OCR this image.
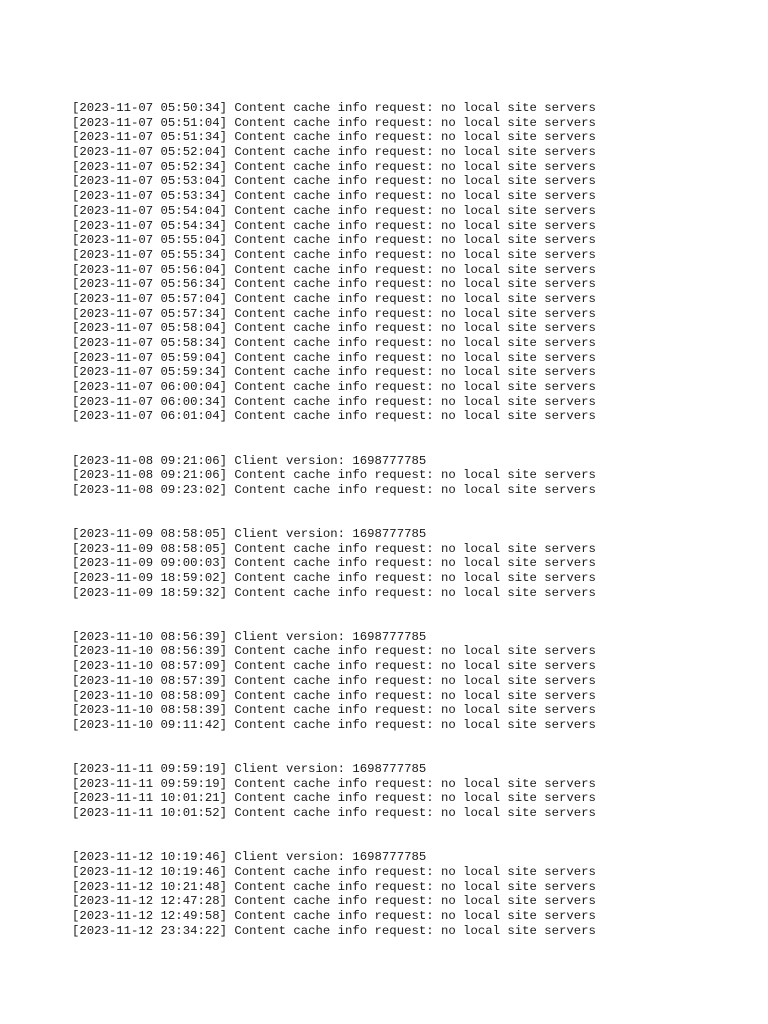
[2023-11-07 05:50:34] Content cache info request: no local site servers
[2023-11-07 05:51:04] Content cache info request: no local site servers
[2023-11-07 05:51:34] Content cache info request: no local site servers
[2023-11-07 05:52:04] Content cache info request: no local site servers
[2023-11-07 05:52:34] Content cache info request: no local site servers
[2023-11-07 05:53:04] Content cache info request: no local site servers
[2023-11-07 05:53:34] Content cache info request: no local site servers
[2023-11-07 05:54:04] Content cache info request: no local site servers
[2023-11-07 05:54:34] Content cache info request: no local site servers
[2023-11-07 05:55:04] Content cache info request: no local site servers
[2023-11-07 05:55:34] Content cache info request: no local site servers
[2023-11-07 05:56:04] Content cache info request: no local site servers
[2023-11-07 05:56:34] Content cache info request: no local site servers
[2023-11-07 05:57:04] Content cache info request: no local site servers
[2023-11-07 05:57:34] Content cache info request: no local site servers
[2023-11-07 05:58:04] Content cache info request: no local site servers
[2023-11-07 05:58:34] Content cache info request: no local site servers
[2023-11-07 05:59:04] Content cache info request: no local site servers
[2023-11-07 05:59:34] Content cache info request: no local site servers
[2023-11-07 06:00:04] Content cache info request: no local site servers
[2023-11-07 06:00:34] Content cache info request: no local site servers
[2023-11-07 06:01:04] Content cache info request: no local site servers
[2023-11-08 09:21:06] Client version: 1698777785
[2023-11-08 09:21:06] Content cache info request: no local site servers
[2023-11-08 09:23:02] Content cache info request: no local site servers
[2023-11-09 08:58:05] Client version: 1698777785
[2023-11-09 08:58:05] Content cache info request: no local site servers
[2023-11-09 09:00:03] Content cache info request: no local site servers
[2023-11-09 18:59:02] Content cache info request: no local site servers
[2023-11-09 18:59:32] Content cache info request: no local site servers
[2023-11-10 08:56:39] Client version: 1698777785
[2023-11-10 08:56:39] Content cache info request: no local site servers
[2023-11-10 08:57:09] Content cache info request: no local site servers
[2023-11-10 08:57:39] Content cache info request: no local site servers
[2023-11-10 08:58:09] Content cache info request: no local site servers
[2023-11-10 08:58:39] Content cache info request: no local site servers
[2023-11-10 09:11:42] Content cache info request: no local site servers
[2023-11-11 09:59:19] Client version: 1698777785
[2023-11-11 09:59:19] Content cache info request: no local site servers
[2023-11-11 10:01:21] Content cache info request: no local site servers
[2023-11-11 10:01:52] Content cache info request: no local site servers
[2023-11-12 10:19:46] Client version: 1698777785
[2023-11-12 10:19:46] Content cache info request: no local site servers
[2023-11-12 10:21:48] Content cache info request: no local site servers
[2023-11-12 12:47:28] Content cache info request: no local site servers
[2023-11-12 12:49:58] Content cache info request: no local site servers
[2023-11-12 23:34:22] Content cache info request: no local site servers
